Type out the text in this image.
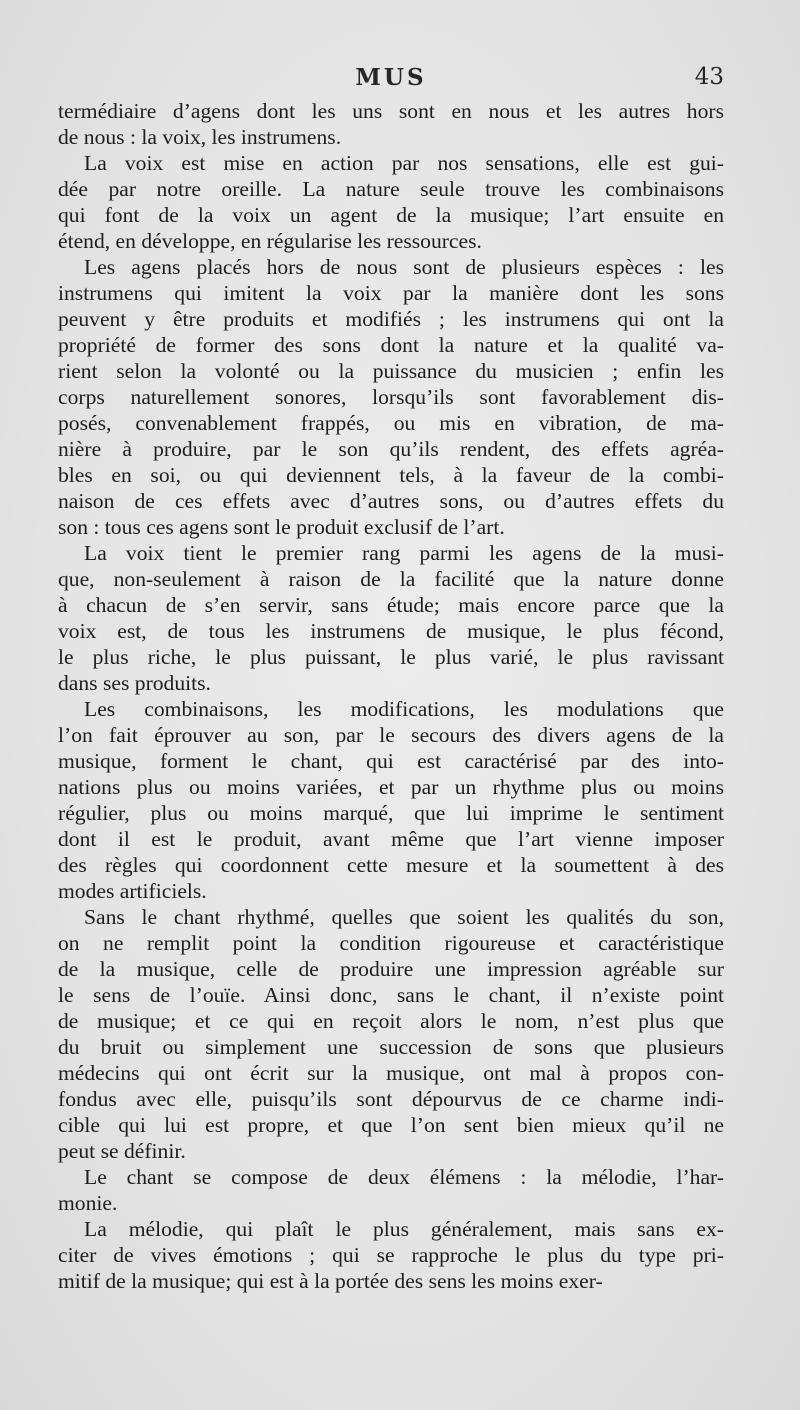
MUS	43

termédiaire d’agens dont les uns sont en nous et les autres hors
de nous : la voix, les instrumens.

La voix est mise en action par nos sensations, elle est gui-
dée par notre oreille. La nature seule trouve les combinaisons
qui font de la voix un agent de la musique; l’art ensuite en
étend, en développe, en régularise les ressources.

Les agens placés hors de nous sont de plusieurs espèces : les
instrumens qui imitent la voix par la manière dont les sons
peuvent y être produits et modifiés ; les instrumens qui ont la
propriété de former des sons dont la nature et la qualité va-
rient selon la volonté ou la puissance du musicien ; enfin les
corps naturellement sonores, lorsqu’ils sont favorablement dis-
posés, convenablement frappés, ou mis en vibration, de ma-
nière à produire, par le son qu’ils rendent, des effets agréa-
bles en soi, ou qui deviennent tels, à la faveur de la combi-
naison de ces effets avec d’autres sons, ou d’autres effets du
son : tous ces agens sont le produit exclusif de l’art.

La voix tient le premier rang parmi les agens de la musi-
que, non-seulement à raison de la facilité que la nature donne
à chacun de s’en servir, sans étude; mais encore parce que la
voix est, de tous les instrumens de musique, le plus fécond,
le plus riche, le plus puissant, le plus varié, le plus ravissant
dans ses produits.

Les combinaisons, les modifications, les modulations que
l’on fait éprouver au son, par le secours des divers agens de la
musique, forment le chant, qui est caractérisé par des into-
nations plus ou moins variées, et par un rhythme plus ou moins
régulier, plus ou moins marqué, que lui imprime le sentiment
dont il est le produit, avant même que l’art vienne imposer
des règles qui coordonnent cette mesure et la soumettent à des
modes artificiels.

Sans le chant rhythmé, quelles que soient les qualités du son,
on ne remplit point la condition rigoureuse et caractéristique
de la musique, celle de produire une impression agréable sur
le sens de l’ouïe. Ainsi donc, sans le chant, il n’existe point
de musique; et ce qui en reçoit alors le nom, n’est plus que
du bruit ou simplement une succession de sons que plusieurs
médecins qui ont écrit sur la musique, ont mal à propos con-
fondus avec elle, puisqu’ils sont dépourvus de ce charme indi-
cible qui lui est propre, et que l’on sent bien mieux qu’il ne
peut se définir.

Le chant se compose de deux élémens : la mélodie, l’har-
monie.

La mélodie, qui plaît le plus généralement, mais sans ex-
citer de vives émotions ; qui se rapproche le plus du type pri-
mitif de la musique; qui est à la portée des sens les moins exer-
